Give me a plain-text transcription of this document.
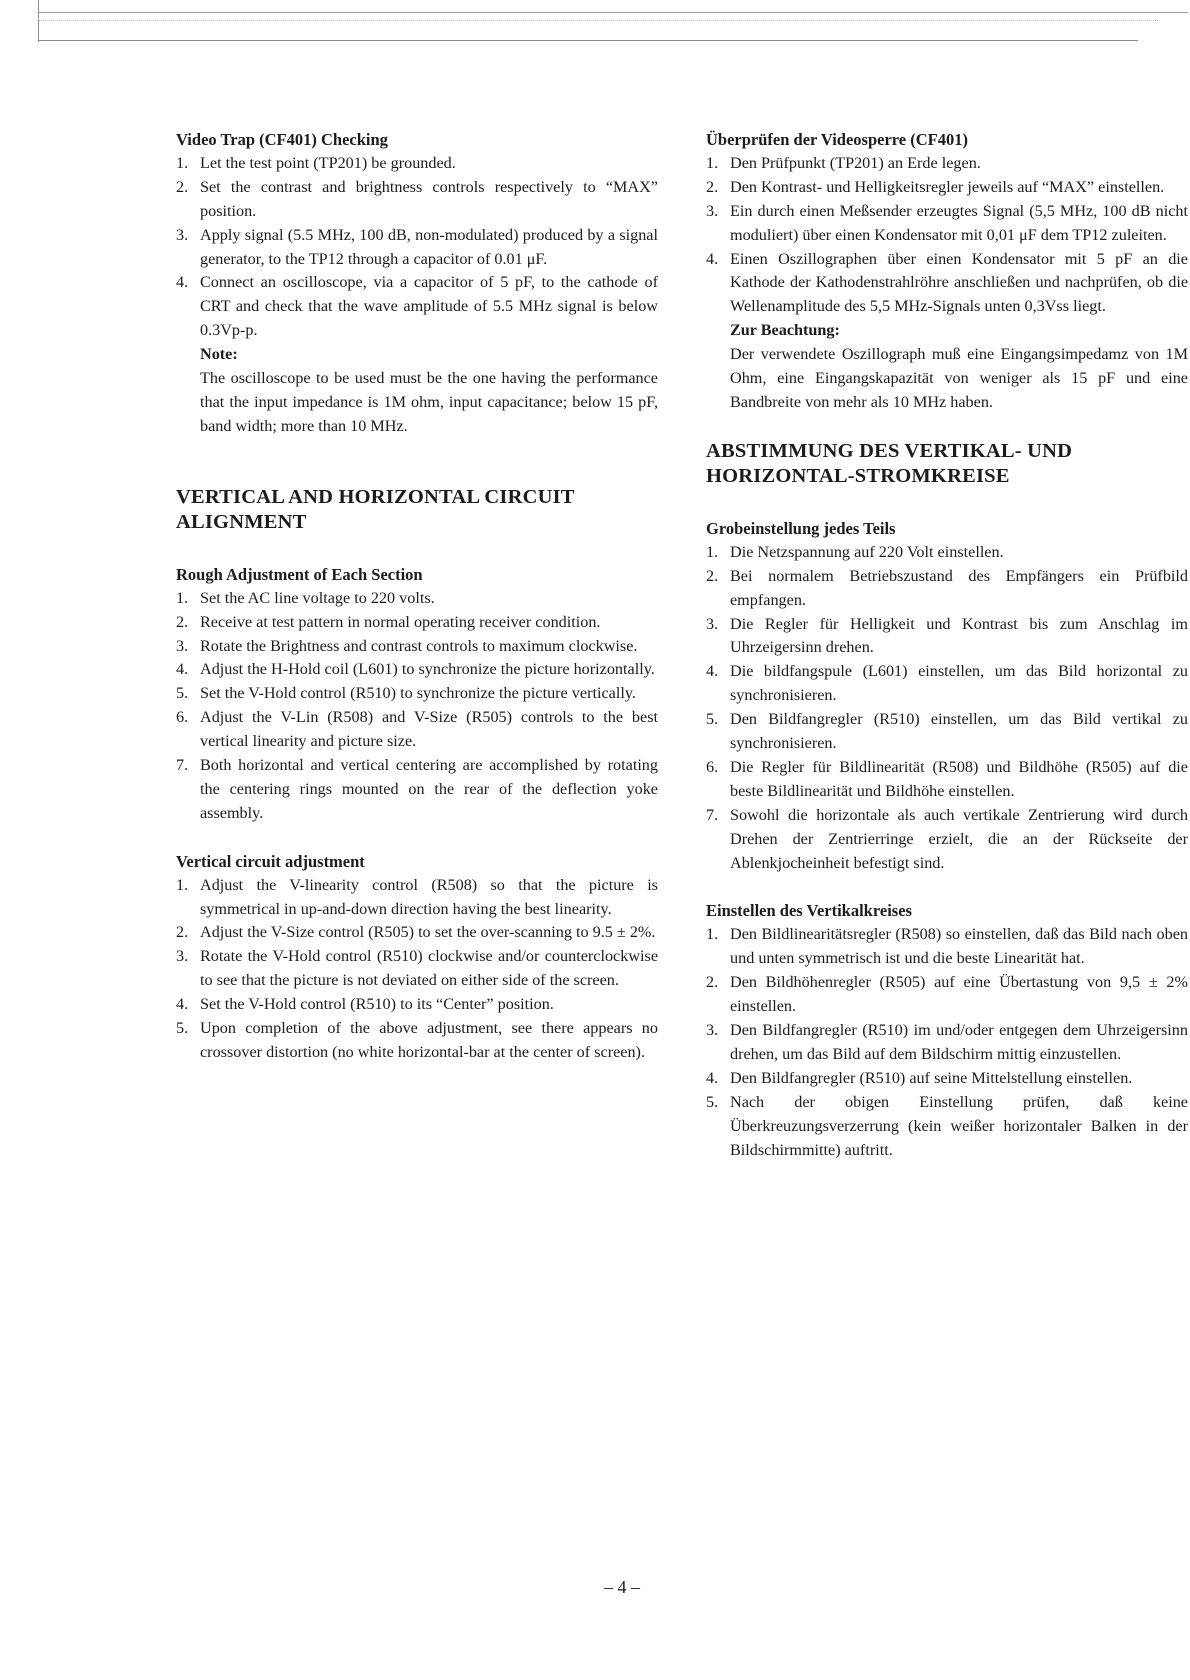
Video Trap (CF401) Checking
1. Let the test point (TP201) be grounded.
2. Set the contrast and brightness controls respectively to “MAX” position.
3. Apply signal (5.5 MHz, 100 dB, non-modulated) produced by a signal generator, to the TP12 through a capacitor of 0.01 μF.
4. Connect an oscilloscope, via a capacitor of 5 pF, to the cathode of CRT and check that the wave amplitude of 5.5 MHz signal is below 0.3Vp-p.
Note:
The oscilloscope to be used must be the one having the performance that the input impedance is 1M ohm, input capacitance; below 15 pF, band width; more than 10 MHz.
VERTICAL AND HORIZONTAL CIRCUIT
ALIGNMENT
Rough Adjustment of Each Section
1. Set the AC line voltage to 220 volts.
2. Receive at test pattern in normal operating receiver condition.
3. Rotate the Brightness and contrast controls to maximum clockwise.
4. Adjust the H-Hold coil (L601) to synchronize the picture horizontally.
5. Set the V-Hold control (R510) to synchronize the picture vertically.
6. Adjust the V-Lin (R508) and V-Size (R505) controls to the best vertical linearity and picture size.
7. Both horizontal and vertical centering are accomplished by rotating the centering rings mounted on the rear of the deflection yoke assembly.
Vertical circuit adjustment
1. Adjust the V-linearity control (R508) so that the picture is symmetrical in up-and-down direction having the best linearity.
2. Adjust the V-Size control (R505) to set the over-scanning to 9.5 ± 2%.
3. Rotate the V-Hold control (R510) clockwise and/or counterclockwise to see that the picture is not deviated on either side of the screen.
4. Set the V-Hold control (R510) to its “Center” position.
5. Upon completion of the above adjustment, see there appears no crossover distortion (no white horizontal-bar at the center of screen).
Überprüfen der Videosperre (CF401)
1. Den Prüfpunkt (TP201) an Erde legen.
2. Den Kontrast- und Helligkeitsregler jeweils auf “MAX” einstellen.
3. Ein durch einen Meßsender erzeugtes Signal (5,5 MHz, 100 dB nicht moduliert) über einen Kondensator mit 0,01 μF dem TP12 zuleiten.
4. Einen Oszillographen über einen Kondensator mit 5 pF an die Kathode der Kathodenstrahlröhre anschließen und nachprüfen, ob die Wellenamplitude des 5,5 MHz-Signals unten 0,3Vss liegt.
Zur Beachtung:
Der verwendete Oszillograph muß eine Eingangsimpedamz von 1M Ohm, eine Eingangskapazität von weniger als 15 pF und eine Bandbreite von mehr als 10 MHz haben.
ABSTIMMUNG DES VERTIKAL- UND
HORIZONTAL-STROMKREISE
Grobeinstellung jedes Teils
1. Die Netzspannung auf 220 Volt einstellen.
2. Bei normalem Betriebszustand des Empfängers ein Prüfbild empfangen.
3. Die Regler für Helligkeit und Kontrast bis zum Anschlag im Uhrzeigersinn drehen.
4. Die bildfangspule (L601) einstellen, um das Bild horizontal zu synchronisieren.
5. Den Bildfangregler (R510) einstellen, um das Bild vertikal zu synchronisieren.
6. Die Regler für Bildlinearität (R508) und Bildhöhe (R505) auf die beste Bildlinearität und Bildhöhe einstellen.
7. Sowohl die horizontale als auch vertikale Zentrierung wird durch Drehen der Zentrierringe erzielt, die an der Rückseite der Ablenkjocheinheit befestigt sind.
Einstellen des Vertikalkreises
1. Den Bildlinearitätsregler (R508) so einstellen, daß das Bild nach oben und unten symmetrisch ist und die beste Linearität hat.
2. Den Bildhöhenregler (R505) auf eine Übertastung von 9,5 ± 2% einstellen.
3. Den Bildfangregler (R510) im und/oder entgegen dem Uhrzeigersinn drehen, um das Bild auf dem Bildschirm mittig einzustellen.
4. Den Bildfangregler (R510) auf seine Mittelstellung einstellen.
5. Nach der obigen Einstellung prüfen, daß keine Überkreuzungsverzerrung (kein weißer horizontaler Balken in der Bildschirmmitte) auftritt.
– 4 –
